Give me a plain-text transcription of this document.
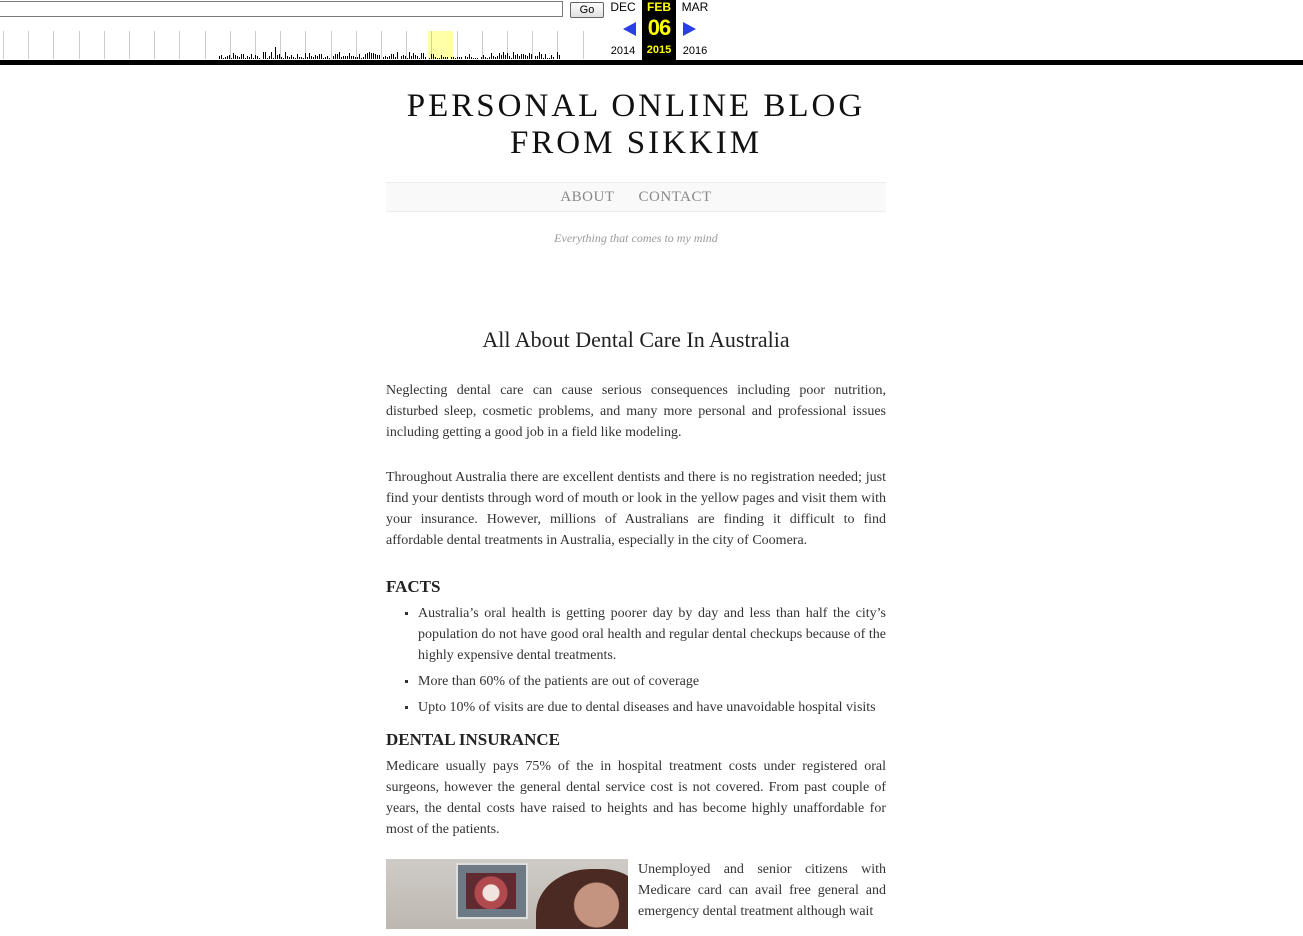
Go	DEC	MAR
2014	2016
FEB
06
2015
PERSONAL ONLINE BLOG FROM SIKKIM
ABOUT CONTACT
Everything that comes to my mind
All About Dental Care In Australia

Neglecting dental care can cause serious consequences including poor nutrition, disturbed sleep, cosmetic problems, and many more personal and professional issues including getting a good job in a field like modeling.

Throughout Australia there are excellent dentists and there is no registration needed; just find your dentists through word of mouth or look in the yellow pages and visit them with your insurance. However, millions of Australians are finding it difficult to find affordable dental treatments in Australia, especially in the city of Coomera.

FACTS
▪ Australia’s oral health is getting poorer day by day and less than half the city’s population do not have good oral health and regular dental checkups because of the highly expensive dental treatments.
▪ More than 60% of the patients are out of coverage
▪ Upto 10% of visits are due to dental diseases and have unavoidable hospital visits
DENTAL INSURANCE

Medicare usually pays 75% of the in hospital treatment costs under registered oral surgeons, however the general dental service cost is not covered. From past couple of years, the dental costs have raised to heights and has become highly unaffordable for most of the patients.

Unemployed and senior citizens with Medicare card can avail free general and emergency dental treatment although wait
